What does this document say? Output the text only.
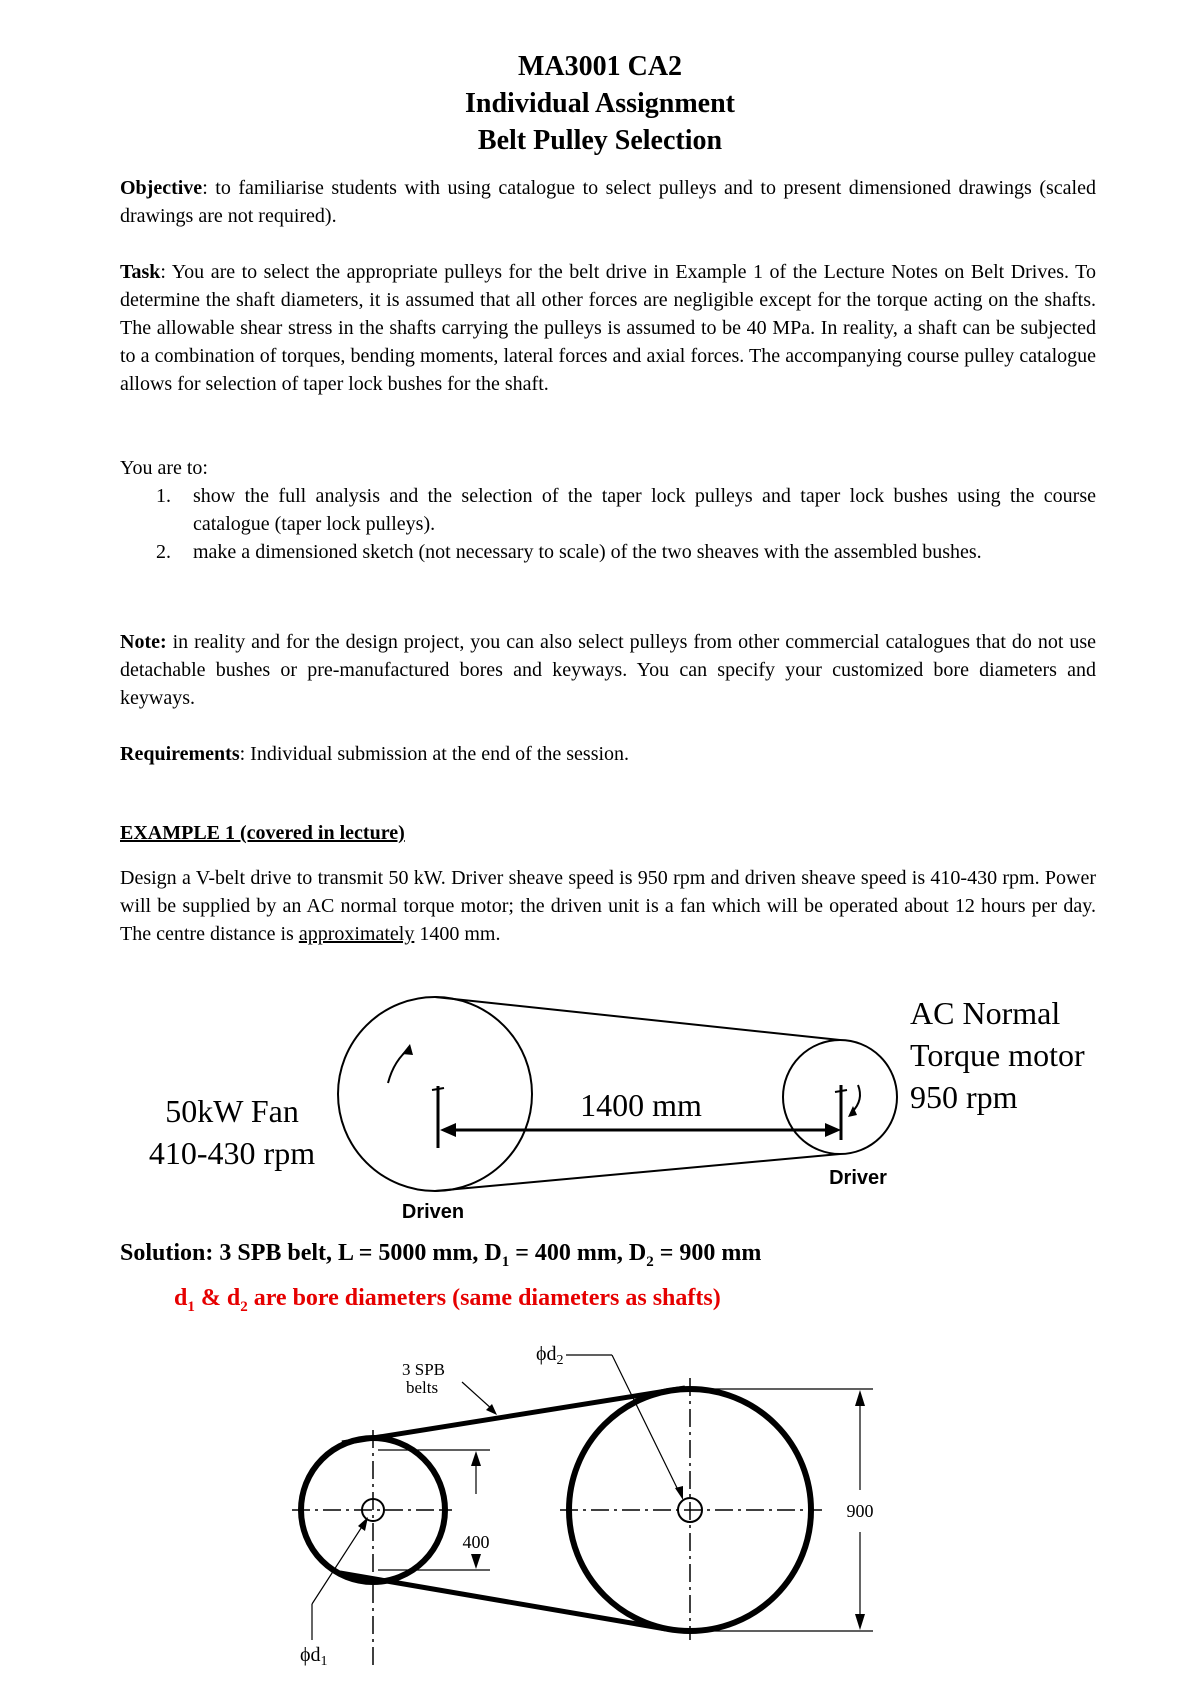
MA3001 CA2
Individual Assignment
Belt Pulley Selection
Objective: to familiarise students with using catalogue to select pulleys and to present dimensioned drawings (scaled drawings are not required).
Task: You are to select the appropriate pulleys for the belt drive in Example 1 of the Lecture Notes on Belt Drives. To determine the shaft diameters, it is assumed that all other forces are negligible except for the torque acting on the shafts. The allowable shear stress in the shafts carrying the pulleys is assumed to be 40 MPa. In reality, a shaft can be subjected to a combination of torques, bending moments, lateral forces and axial forces. The accompanying course pulley catalogue allows for selection of taper lock bushes for the shaft.
You are to:
1. show the full analysis and the selection of the taper lock pulleys and taper lock bushes using the course catalogue (taper lock pulleys).
2. make a dimensioned sketch (not necessary to scale) of the two sheaves with the assembled bushes.
Note: in reality and for the design project, you can also select pulleys from other commercial catalogues that do not use detachable bushes or pre-manufactured bores and keyways. You can specify your customized bore diameters and keyways.
Requirements: Individual submission at the end of the session.
EXAMPLE 1 (covered in lecture)
Design a V-belt drive to transmit 50 kW. Driver sheave speed is 950 rpm and driven sheave speed is 410-430 rpm. Power will be supplied by an AC normal torque motor; the driven unit is a fan which will be operated about 12 hours per day. The centre distance is approximately 1400 mm.
1400 mm
50kW Fan
410-430 rpm
AC Normal
Torque motor
950 rpm
Driven
Driver
Solution: 3 SPB belt, L = 5000 mm, $D_1 = 400$ mm, $D_2 = 900$ mm
$d_1$ & $d_2$ are bore diameters (same diameters as shafts)
400
900
3 SPB
belts
$\phi d_2$
$\phi d_1$
